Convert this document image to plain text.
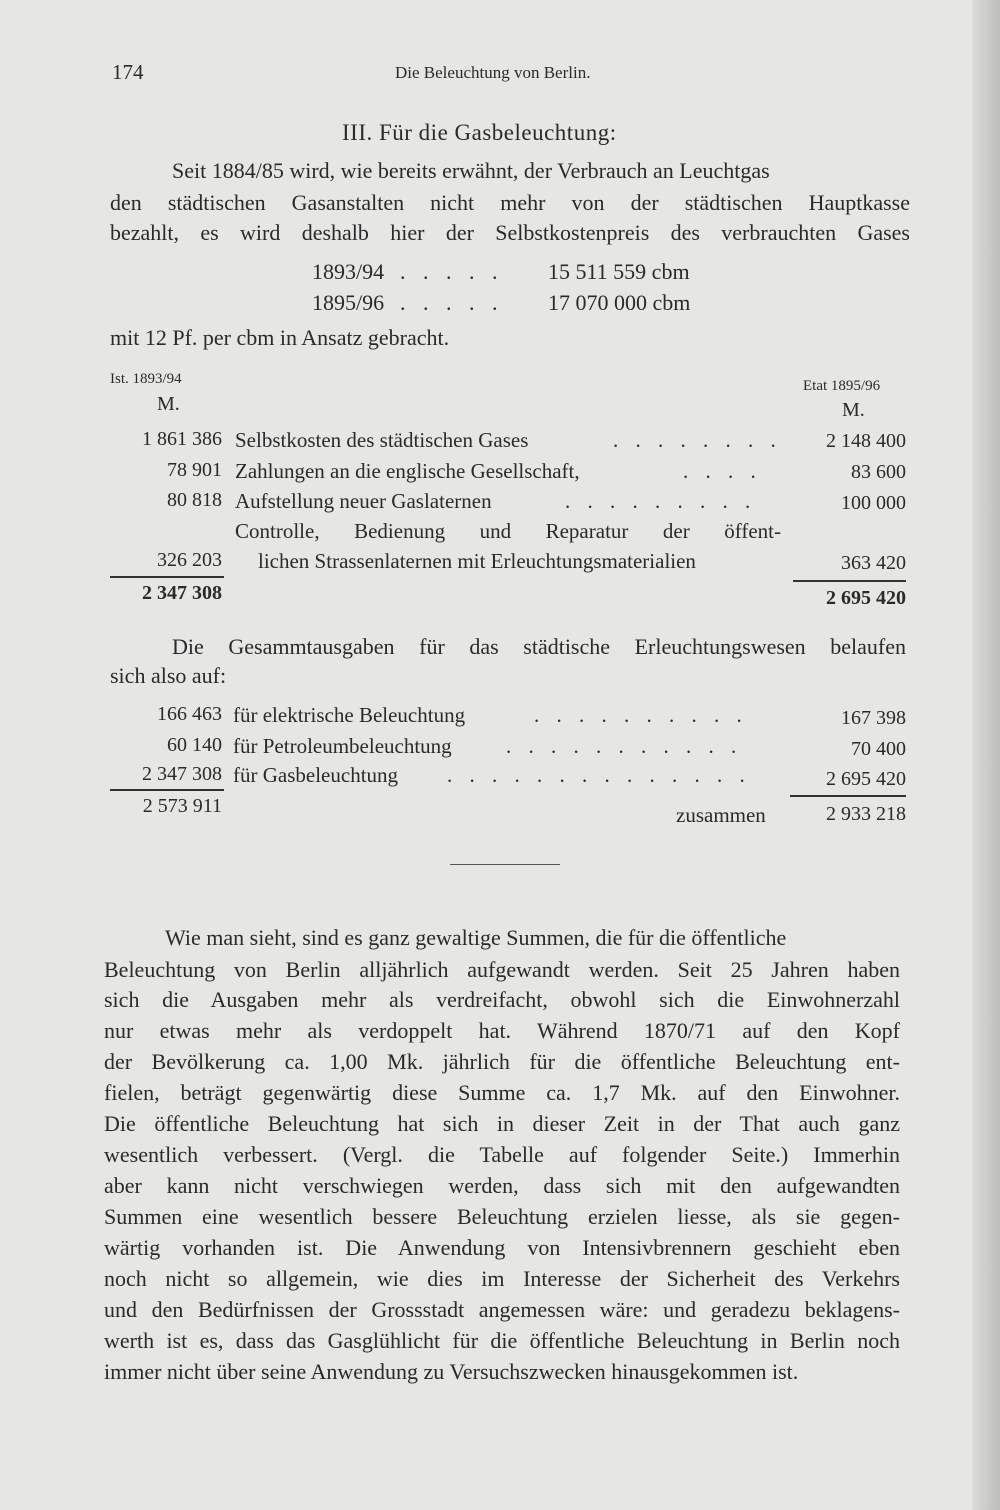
174	Die Beleuchtung von Berlin.
III. Für die Gasbeleuchtung:
Seit 1884/85 wird, wie bereits erwähnt, der Verbrauch an Leuchtgas
den städtischen Gasanstalten nicht mehr von der städtischen Hauptkasse
bezahlt, es wird deshalb hier der Selbstkostenpreis des verbrauchten Gases
1893/94 . . . . . 15 511 559 cbm
1895/96 . . . . . 17 070 000 cbm
mit 12 Pf. per cbm in Ansatz gebracht.
Ist. 1893/94
M.
Etat 1895/96
M.
1 861 386 Selbstkosten des städtischen Gases	. . . . . . . .	2 148 400
78 901 Zahlungen an die englische Gesellschaft,	. . . .	83 600
80 818 Aufstellung neuer Gaslaternen	. . . . . . . . .	100 000
Controlle, Bedienung und Reparatur der öffent-
326 203 lichen Strassenlaternen mit Erleuchtungsmaterialien	363 420
2 347 308	2 695 420
Die Gesammtausgaben für das städtische Erleuchtungswesen belaufen
sich also auf:
166 463 für elektrische Beleuchtung	. . . . . . . . . .	167 398
60 140 für Petroleumbeleuchtung	. . . . . . . . . . .	70 400
2 347 308 für Gasbeleuchtung . . . . . . . . . . . . . .	2 695 420
2 573 911	zusammen	2 933 218
Wie man sieht, sind es ganz gewaltige Summen, die für die öffentliche
Beleuchtung von Berlin alljährlich aufgewandt werden. Seit 25 Jahren haben
sich die Ausgaben mehr als verdreifacht, obwohl sich die Einwohnerzahl
nur etwas mehr als verdoppelt hat. Während 1870/71 auf den Kopf
der Bevölkerung ca. 1,00 Mk. jährlich für die öffentliche Beleuchtung ent-
fielen, beträgt gegenwärtig diese Summe ca. 1,7 Mk. auf den Einwohner.
Die öffentliche Beleuchtung hat sich in dieser Zeit in der That auch ganz
wesentlich verbessert. (Vergl. die Tabelle auf folgender Seite.) Immerhin
aber kann nicht verschwiegen werden, dass sich mit den aufgewandten
Summen eine wesentlich bessere Beleuchtung erzielen liesse, als sie gegen-
wärtig vorhanden ist. Die Anwendung von Intensivbrennern geschieht eben
noch nicht so allgemein, wie dies im Interesse der Sicherheit des Verkehrs
und den Bedürfnissen der Grossstadt angemessen wäre: und geradezu beklagens-
werth ist es, dass das Gasglühlicht für die öffentliche Beleuchtung in Berlin noch
immer nicht über seine Anwendung zu Versuchszwecken hinausgekommen ist.
